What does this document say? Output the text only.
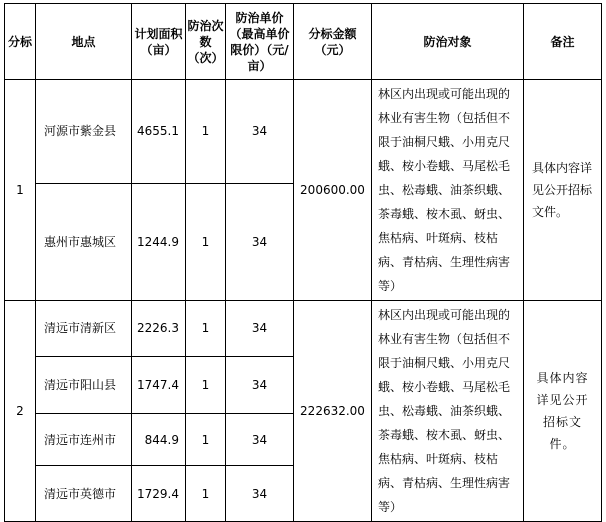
分标	地点	计划面积（亩）	防治次数（次）	防治单价（最高单价限价）（元/亩）	分标金额（元）	防治对象	备注
1	河源市紫金县	4655.1	1	34	200600.00	林区内出现或可能出现的林业有害生物（包括但不限于油桐尺蛾、小用克尺蛾、桉小卷蛾、马尾松毛虫、松毒蛾、油茶织蛾、茶毒蛾、桉木虱、蚜虫、焦枯病、叶斑病、枝枯病、青枯病、生理性病害等）	具体内容详见公开招标文件。
	惠州市惠城区	1244.9	1	34			
2	清远市清新区	2226.3	1	34	222632.00	林区内出现或可能出现的林业有害生物（包括但不限于油桐尺蛾、小用克尺蛾、桉小卷蛾、马尾松毛虫、松毒蛾、油茶织蛾、茶毒蛾、桉木虱、蚜虫、焦枯病、叶斑病、枝枯病、青枯病、生理性病害等）	具体内容详见公开招标文件。
	清远市阳山县	1747.4	1	34			
	清远市连州市	844.9	1	34			
	清远市英德市	1729.4	1	34			
